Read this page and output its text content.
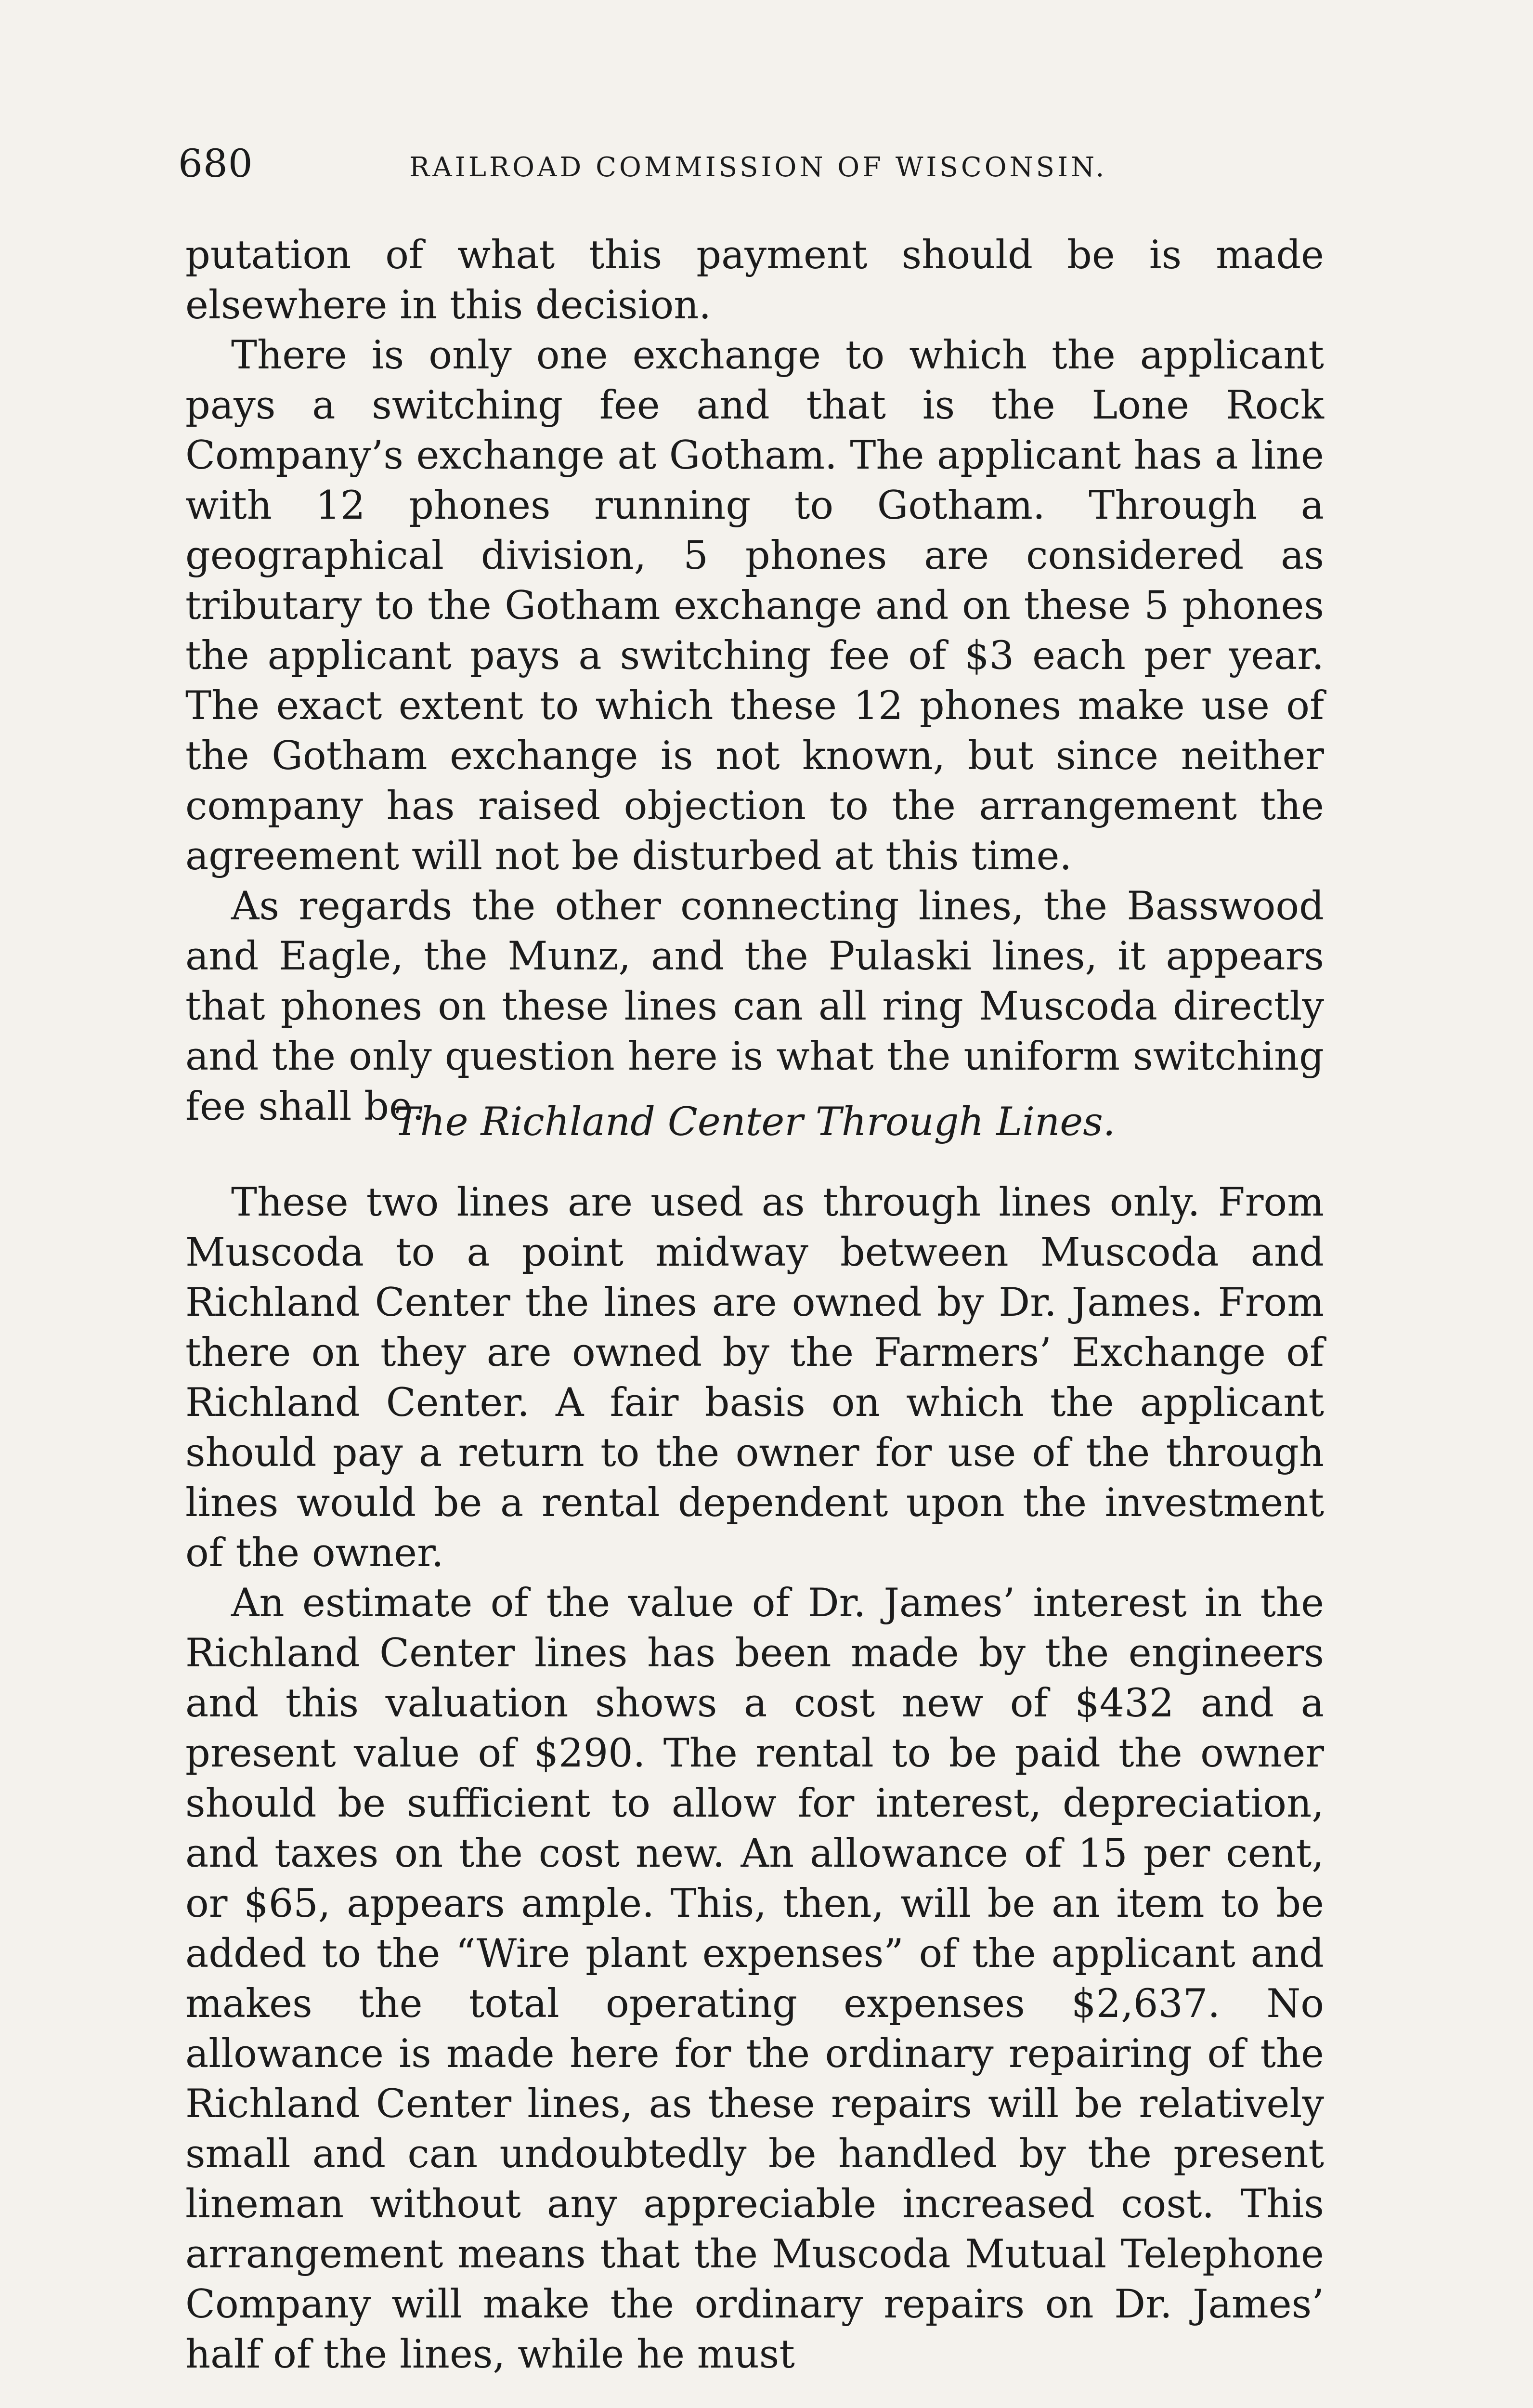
680	RAILROAD COMMISSION OF WISCONSIN.

putation of what this payment should be is made elsewhere in this decision.

There is only one exchange to which the applicant pays a switching fee and that is the Lone Rock Company’s exchange at Gotham. The applicant has a line with 12 phones running to Gotham. Through a geographical division, 5 phones are considered as tributary to the Gotham exchange and on these 5 phones the applicant pays a switching fee of $3 each per year. The exact extent to which these 12 phones make use of the Gotham exchange is not known, but since neither company has raised objection to the arrangement the agreement will not be disturbed at this time.

As regards the other connecting lines, the Basswood and Eagle, the Munz, and the Pulaski lines, it appears that phones on these lines can all ring Muscoda directly and the only question here is what the uniform switching fee shall be.

The Richland Center Through Lines.

These two lines are used as through lines only. From Muscoda to a point midway between Muscoda and Richland Center the lines are owned by Dr. James. From there on they are owned by the Farmers’ Exchange of Richland Center. A fair basis on which the applicant should pay a return to the owner for use of the through lines would be a rental dependent upon the investment of the owner.

An estimate of the value of Dr. James’ interest in the Richland Center lines has been made by the engineers and this valuation shows a cost new of $432 and a present value of $290. The rental to be paid the owner should be sufficient to allow for interest, depreciation, and taxes on the cost new. An allowance of 15 per cent, or $65, appears ample. This, then, will be an item to be added to the “Wire plant expenses” of the applicant and makes the total operating expenses $2,637. No allowance is made here for the ordinary repairing of the Richland Center lines, as these repairs will be relatively small and can undoubtedly be handled by the present lineman without any appreciable increased cost. This arrangement means that the Muscoda Mutual Telephone Company will make the ordinary repairs on Dr. James’ half of the lines, while he must
